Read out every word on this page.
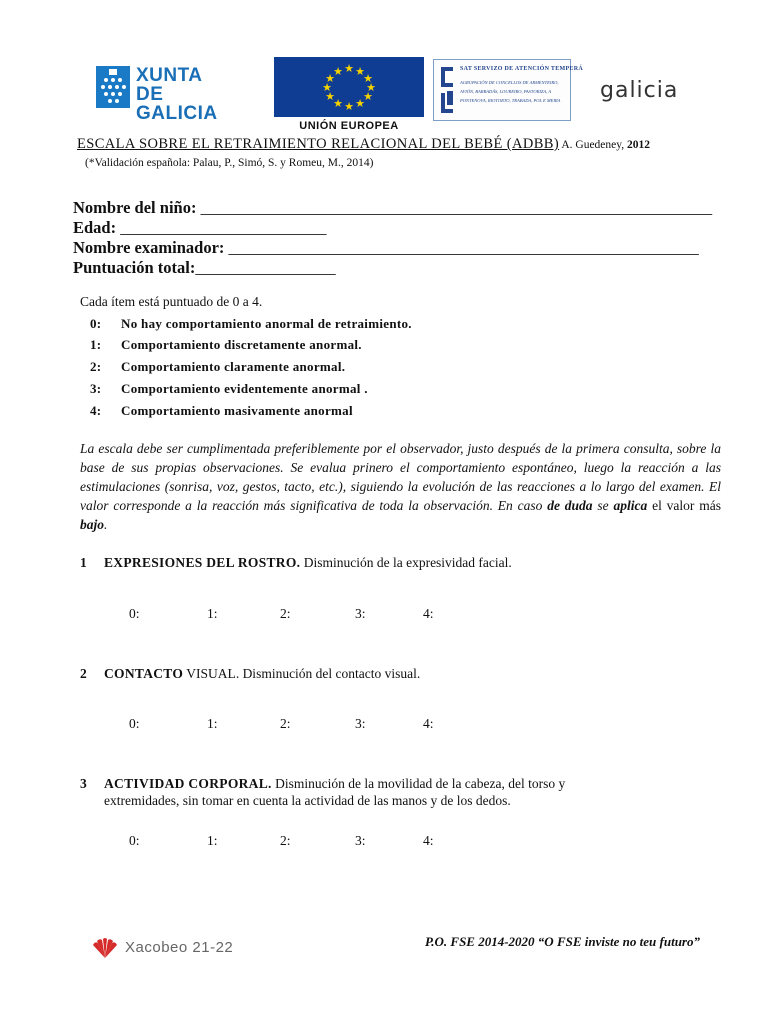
XUNTA
DE GALICIA
★ ★
★
★
★
★
★
★
★
★
★
★
UNIÓN EUROPEA
SAT SERVIZO DE ATENCIÓN TEMPERÁ
AGRUPACIÓN DE CONCELLOS DE ARMENTEIRO, AVIÓN, BARBADÁS, LOUREIRO, PASTORIZA, A PONTENOVA, RIOTORTO, TRABADA, POL E MEIRA	galicia
ESCALA SOBRE EL RETRAIMIENTO RELACIONAL DEL BEBÉ (ADBB) A. Guedeney, 2012
(*Validación española: Palau, P., Simó, S. y Romeu, M., 2014)
Nombre del niño: ______________________________________________________________
Edad: _________________________
Nombre examinador: _________________________________________________________
Puntuación total:_________________
Cada ítem está puntuado de 0 a 4.
0: No hay comportamiento anormal de retraimiento.
1: Comportamiento discretamente anormal.
2: Comportamiento claramente anormal.
3: Comportamiento evidentemente anormal .
4: Comportamiento masivamente anormal
La escala debe ser cumplimentada preferiblemente por el observador, justo después de la primera consulta, sobre la base de sus propias observaciones. Se evalua prinero el comportamiento espontáneo, luego la reacción a las estimulaciones (sonrisa, voz, gestos, tacto, etc.), siguiendo la evolución de las reacciones a lo largo del examen. El valor corresponde a la reacción más significativa de toda la observación. En caso de duda se aplica el valor más bajo.
1 EXPRESIONES DEL ROSTRO. Disminución de la expresividad facial.
0:	1:	2:	3:	4:
2 CONTACTO VISUAL. Disminución del contacto visual.
0:	1:	2:	3:	4:
3 ACTIVIDAD CORPORAL. Disminución de la movilidad de la cabeza, del torso y
extremidades, sin tomar en cuenta la actividad de las manos y de los dedos.
0:	1:	2:	3:	4:
Xacobeo 21-22	P.O. FSE 2014-2020 “O FSE inviste no teu futuro”
